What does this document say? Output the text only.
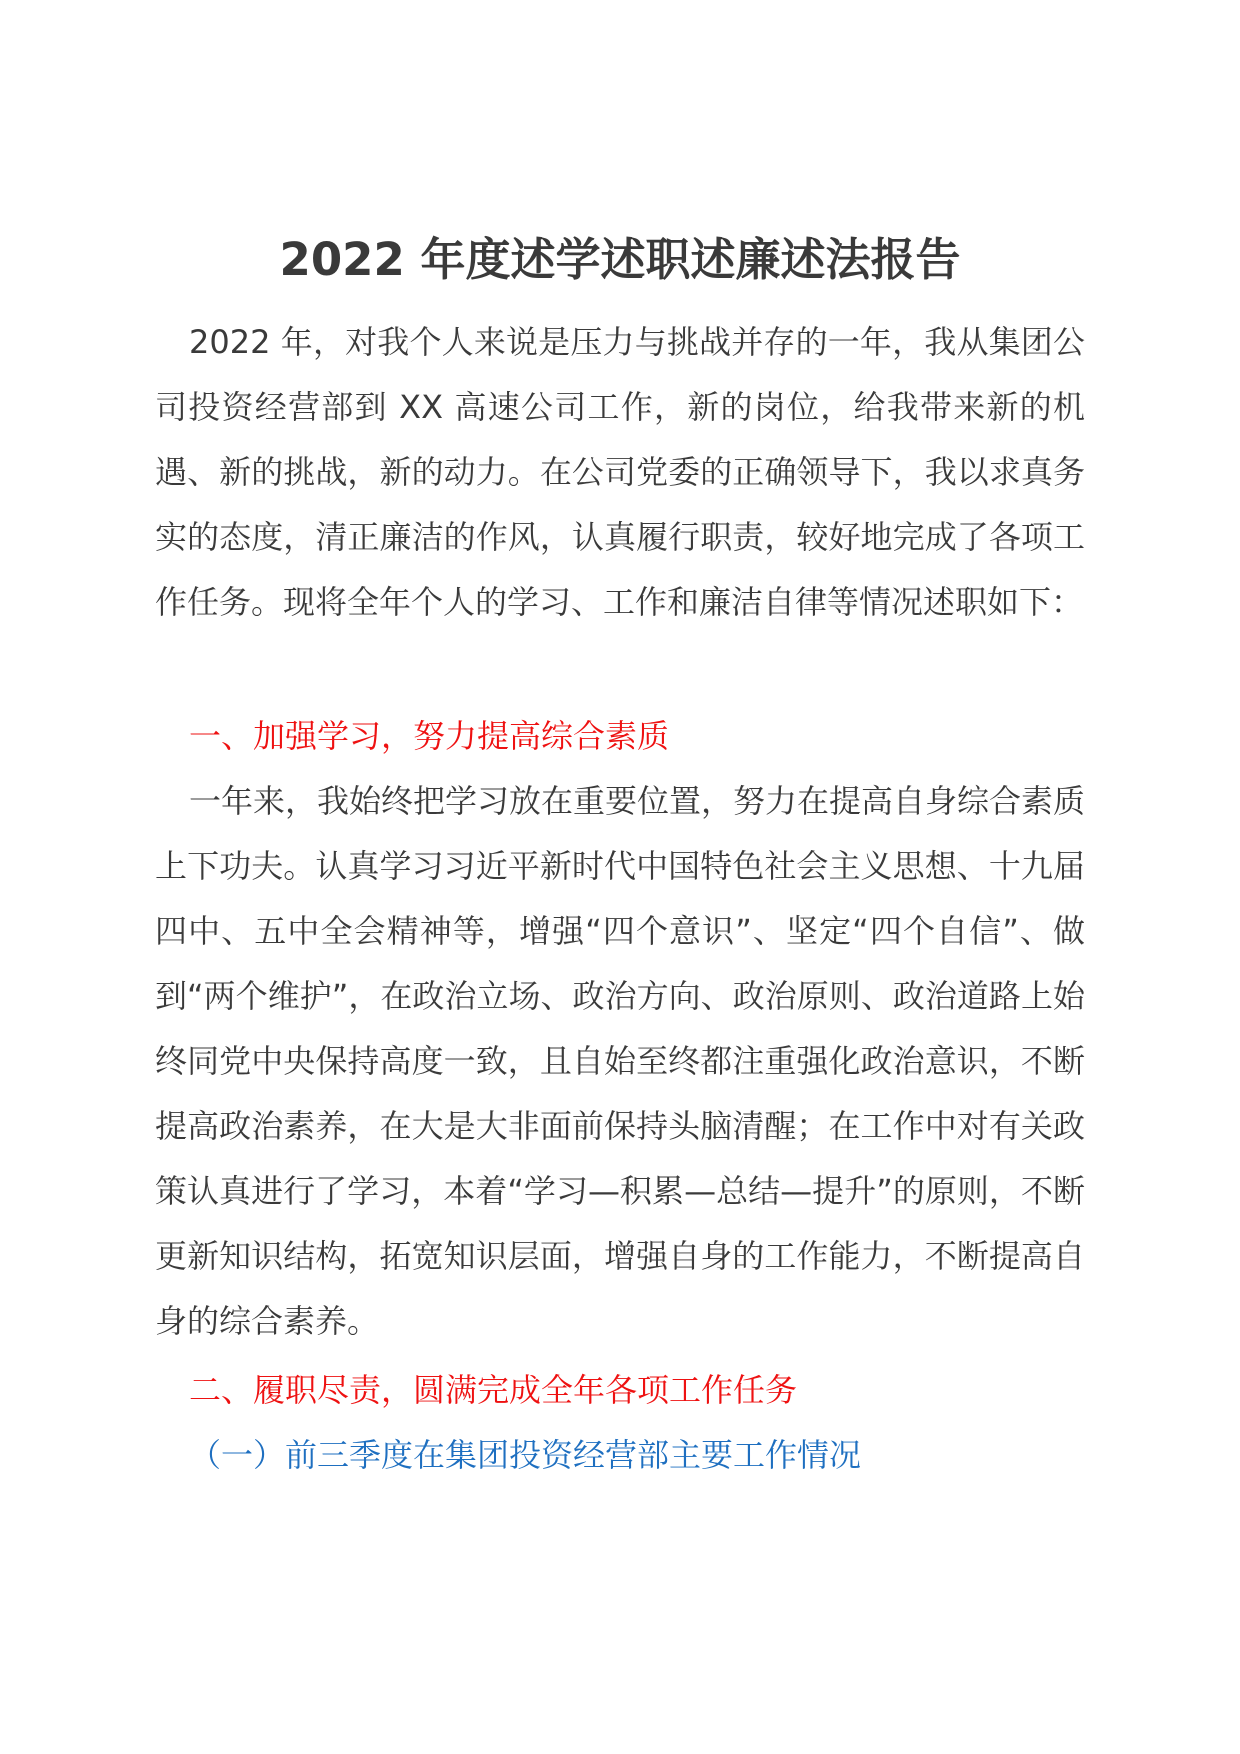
2022 年度述学述职述廉述法报告

2022 年，对我个人来说是压力与挑战并存的一年，我从集团公司投资经营部到 XX 高速公司工作，新的岗位，给我带来新的机遇、新的挑战，新的动力。在公司党委的正确领导下，我以求真务实的态度，清正廉洁的作风，认真履行职责，较好地完成了各项工作任务。现将全年个人的学习、工作和廉洁自律等情况述职如下：

一、加强学习，努力提高综合素质

一年来，我始终把学习放在重要位置，努力在提高自身综合素质上下功夫。认真学习习近平新时代中国特色社会主义思想、十九届四中、五中全会精神等，增强“四个意识”、坚定“四个自信”、做到“两个维护”，在政治立场、政治方向、政治原则、政治道路上始终同党中央保持高度一致，且自始至终都注重强化政治意识，不断提高政治素养，在大是大非面前保持头脑清醒；在工作中对有关政策认真进行了学习，本着“学习—积累—总结—提升”的原则，不断更新知识结构，拓宽知识层面，增强自身的工作能力，不断提高自身的综合素养。

二、履职尽责，圆满完成全年各项工作任务

（一）前三季度在集团投资经营部主要工作情况
